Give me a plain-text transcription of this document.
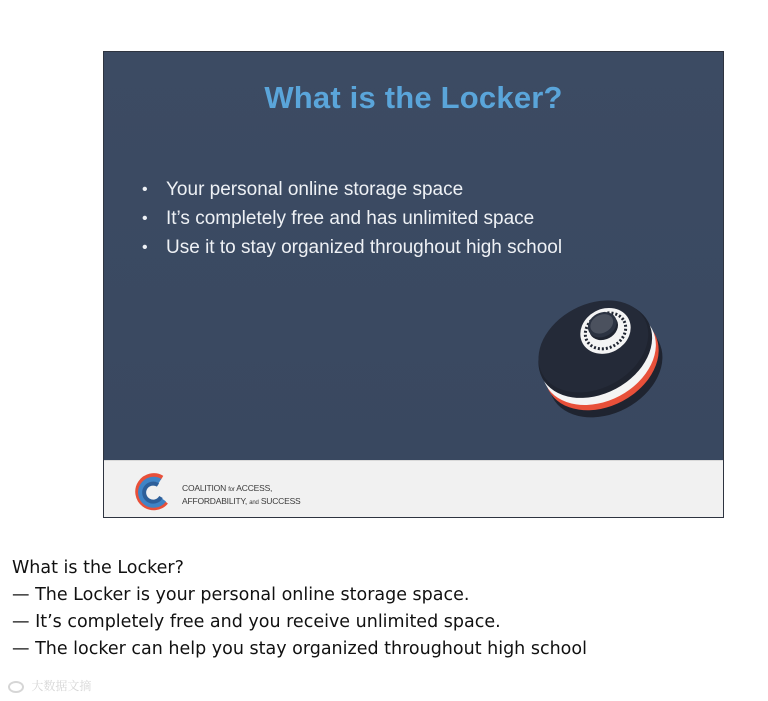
What is the Locker?
• Your personal online storage space
• It’s completely free and has unlimited space
• Use it to stay organized throughout high school
COALITION for ACCESS,
AFFORDABILITY, and SUCCESS
What is the Locker?
— The Locker is your personal online storage space.
— It’s completely free and you receive unlimited space.
— The locker can help you stay organized throughout high school
大数据文摘
